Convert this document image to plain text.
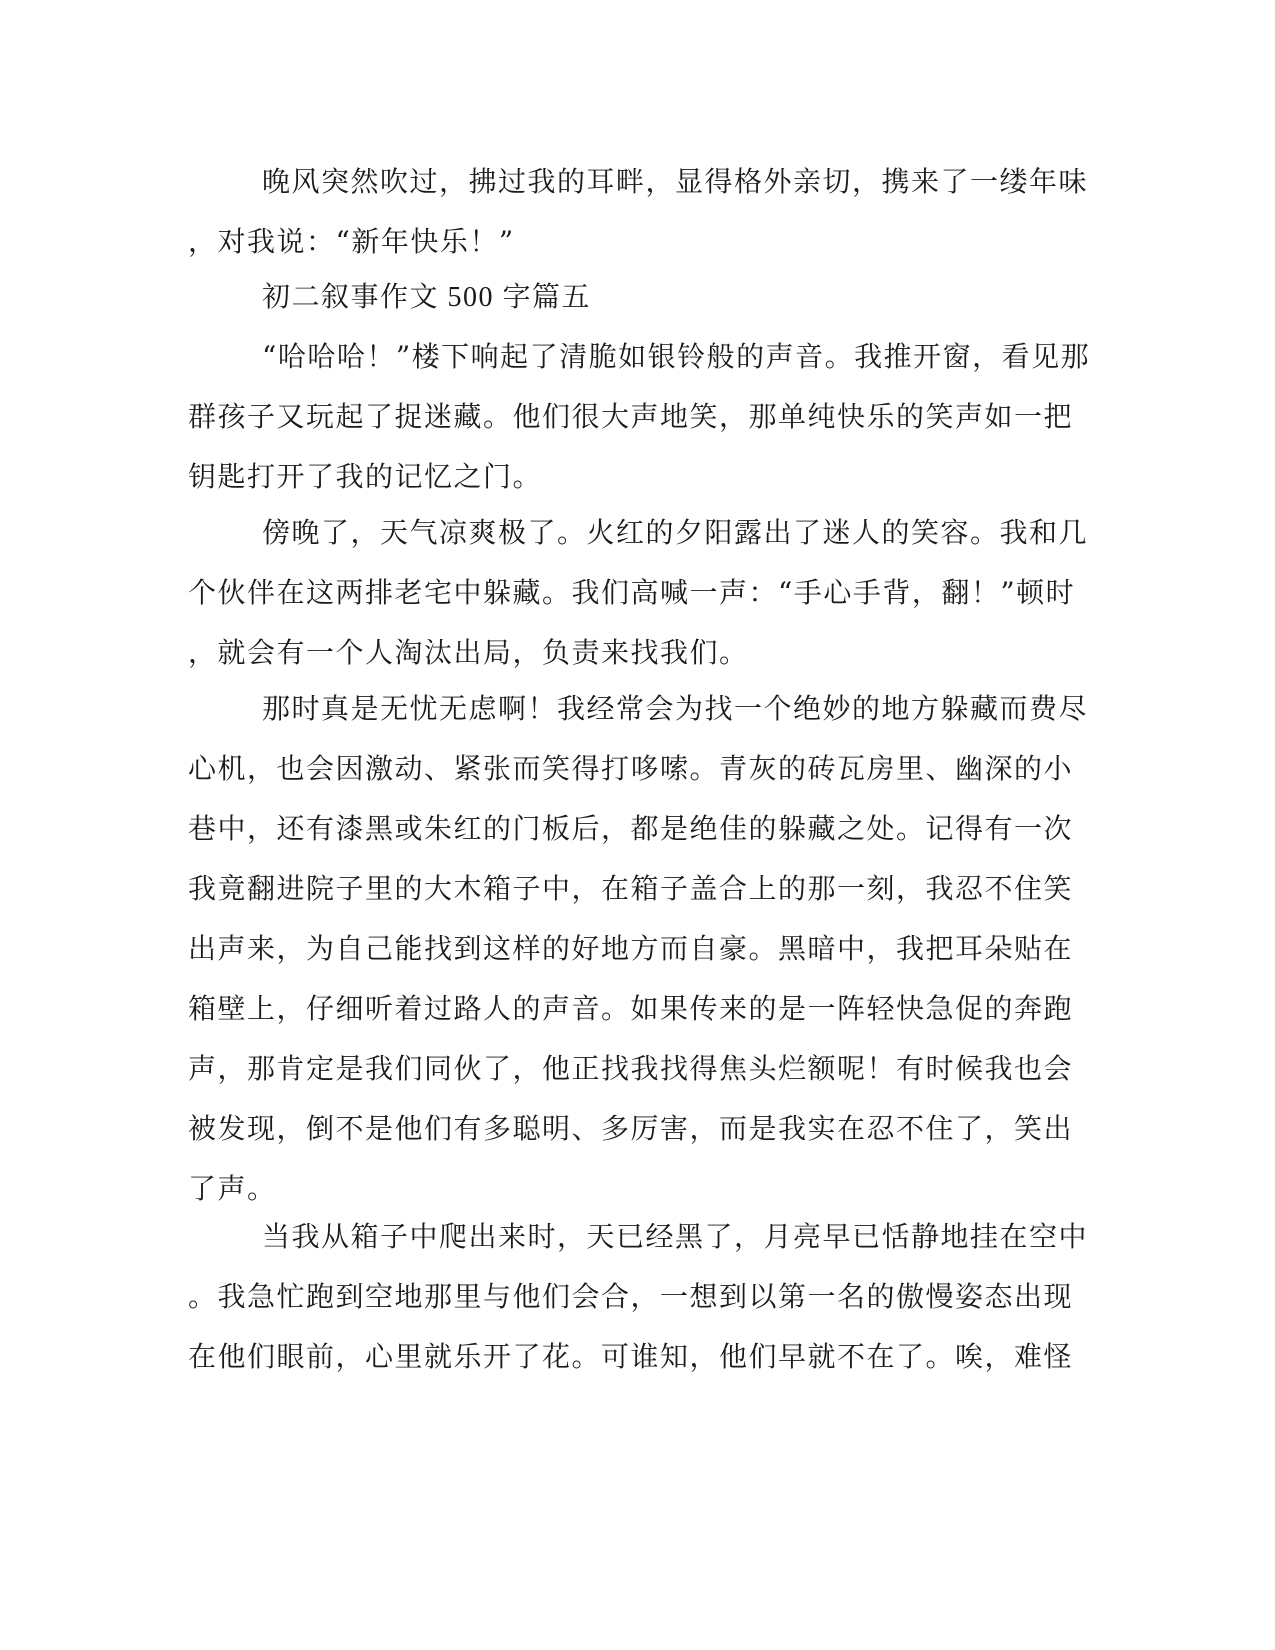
晚风突然吹过，拂过我的耳畔，显得格外亲切，携来了一缕年味
，对我说：“新年快乐！”
初二叙事作文 500 字篇五
“哈哈哈！”楼下响起了清脆如银铃般的声音。我推开窗，看见那
群孩子又玩起了捉迷藏。他们很大声地笑，那单纯快乐的笑声如一把
钥匙打开了我的记忆之门。
傍晚了，天气凉爽极了。火红的夕阳露出了迷人的笑容。我和几
个伙伴在这两排老宅中躲藏。我们高喊一声：“手心手背，翻！”顿时
，就会有一个人淘汰出局，负责来找我们。
那时真是无忧无虑啊！我经常会为找一个绝妙的地方躲藏而费尽
心机，也会因激动、紧张而笑得打哆嗦。青灰的砖瓦房里、幽深的小
巷中，还有漆黑或朱红的门板后，都是绝佳的躲藏之处。记得有一次
我竟翻进院子里的大木箱子中，在箱子盖合上的那一刻，我忍不住笑
出声来，为自己能找到这样的好地方而自豪。黑暗中，我把耳朵贴在
箱壁上，仔细听着过路人的声音。如果传来的是一阵轻快急促的奔跑
声，那肯定是我们同伙了，他正找我找得焦头烂额呢！有时候我也会
被发现，倒不是他们有多聪明、多厉害，而是我实在忍不住了，笑出
了声。
当我从箱子中爬出来时，天已经黑了，月亮早已恬静地挂在空中
。我急忙跑到空地那里与他们会合，一想到以第一名的傲慢姿态出现
在他们眼前，心里就乐开了花。可谁知，他们早就不在了。唉，难怪
